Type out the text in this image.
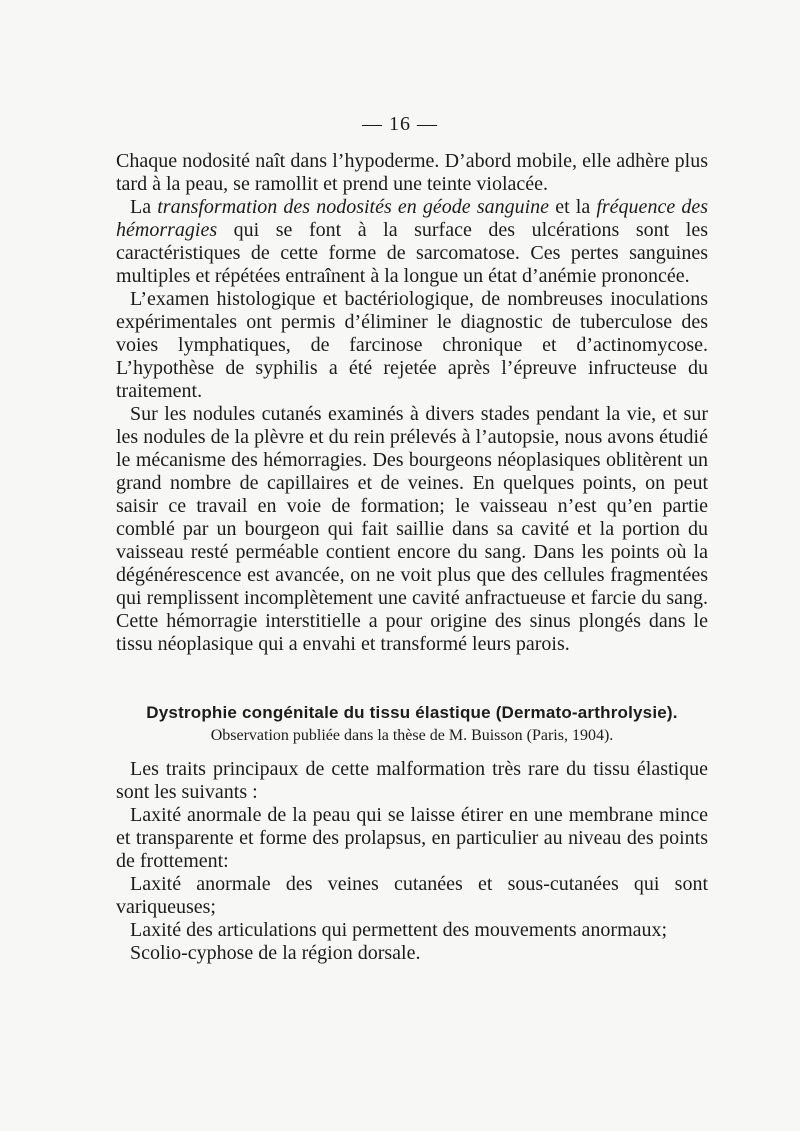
— 16 —

Chaque nodosité naît dans l’hypoderme. D’abord mobile, elle adhère plus tard à la peau, se ramollit et prend une teinte violacée.

La transformation des nodosités en géode sanguine et la fréquence des hémorragies qui se font à la surface des ulcérations sont les caractéristiques de cette forme de sarcomatose. Ces pertes sanguines multiples et répétées entraînent à la longue un état d’anémie prononcée.

L’examen histologique et bactériologique, de nombreuses inoculations expérimentales ont permis d’éliminer le diagnostic de tuberculose des voies lymphatiques, de farcinose chronique et d’actinomycose. L’hypothèse de syphilis a été rejetée après l’épreuve infructeuse du traitement.

Sur les nodules cutanés examinés à divers stades pendant la vie, et sur les nodules de la plèvre et du rein prélevés à l’autopsie, nous avons étudié le mécanisme des hémorragies. Des bourgeons néoplasiques oblitèrent un grand nombre de capillaires et de veines. En quelques points, on peut saisir ce travail en voie de formation; le vaisseau n’est qu’en partie comblé par un bourgeon qui fait saillie dans sa cavité et la portion du vaisseau resté perméable contient encore du sang. Dans les points où la dégénérescence est avancée, on ne voit plus que des cellules fragmentées qui remplissent incomplètement une cavité anfractueuse et farcie du sang. Cette hémorragie interstitielle a pour origine des sinus plongés dans le tissu néoplasique qui a envahi et transformé leurs parois.

Dystrophie congénitale du tissu élastique (Dermato-arthrolysie).
Observation publiée dans la thèse de M. Buisson (Paris, 1904).

Les traits principaux de cette malformation très rare du tissu élastique sont les suivants :

Laxité anormale de la peau qui se laisse étirer en une membrane mince et transparente et forme des prolapsus, en particulier au niveau des points de frottement:

Laxité anormale des veines cutanées et sous-cutanées qui sont variqueuses;

Laxité des articulations qui permettent des mouvements anormaux;

Scolio-cyphose de la région dorsale.
